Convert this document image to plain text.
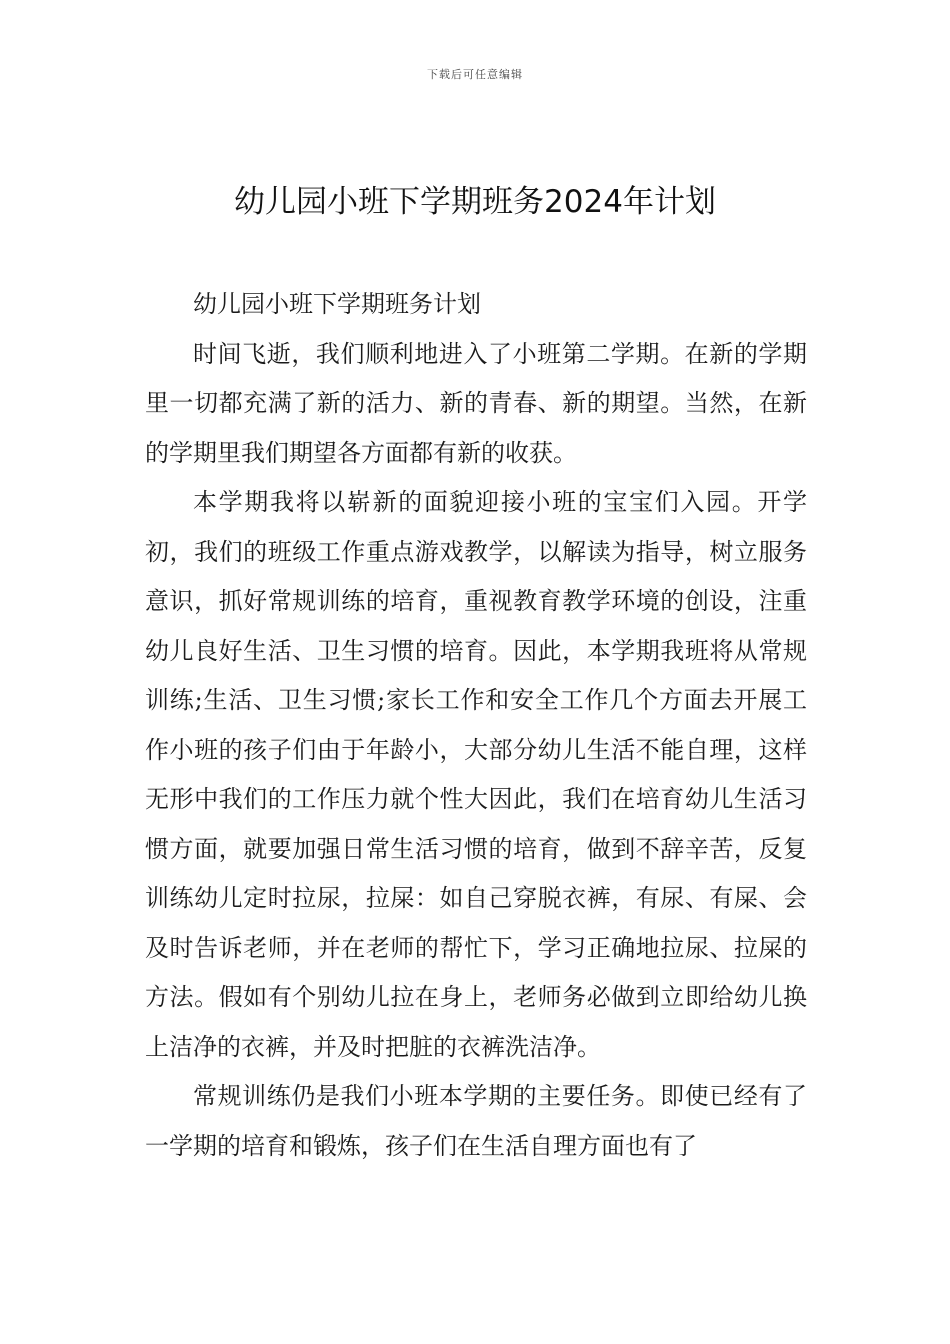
下载后可任意编辑
幼儿园小班下学期班务2024年计划

幼儿园小班下学期班务计划

时间飞逝，我们顺利地进入了小班第二学期。在新的学期里一切都充满了新的活力、新的青春、新的期望。当然，在新的学期里我们期望各方面都有新的收获。

本学期我将以崭新的面貌迎接小班的宝宝们入园。开学初，我们的班级工作重点游戏教学，以解读为指导，树立服务意识，抓好常规训练的培育，重视教育教学环境的创设，注重幼儿良好生活、卫生习惯的培育。因此，本学期我班将从常规训练;生活、卫生习惯;家长工作和安全工作几个方面去开展工作小班的孩子们由于年龄小，大部分幼儿生活不能自理，这样无形中我们的工作压力就个性大因此，我们在培育幼儿生活习惯方面，就要加强日常生活习惯的培育，做到不辞辛苦，反复训练幼儿定时拉尿，拉屎：如自己穿脱衣裤，有尿、有屎、会及时告诉老师，并在老师的帮忙下，学习正确地拉尿、拉屎的方法。假如有个别幼儿拉在身上，老师务必做到立即给幼儿换上洁净的衣裤，并及时把脏的衣裤洗洁净。

常规训练仍是我们小班本学期的主要任务。即使已经有了一学期的培育和锻炼，孩子们在生活自理方面也有了
